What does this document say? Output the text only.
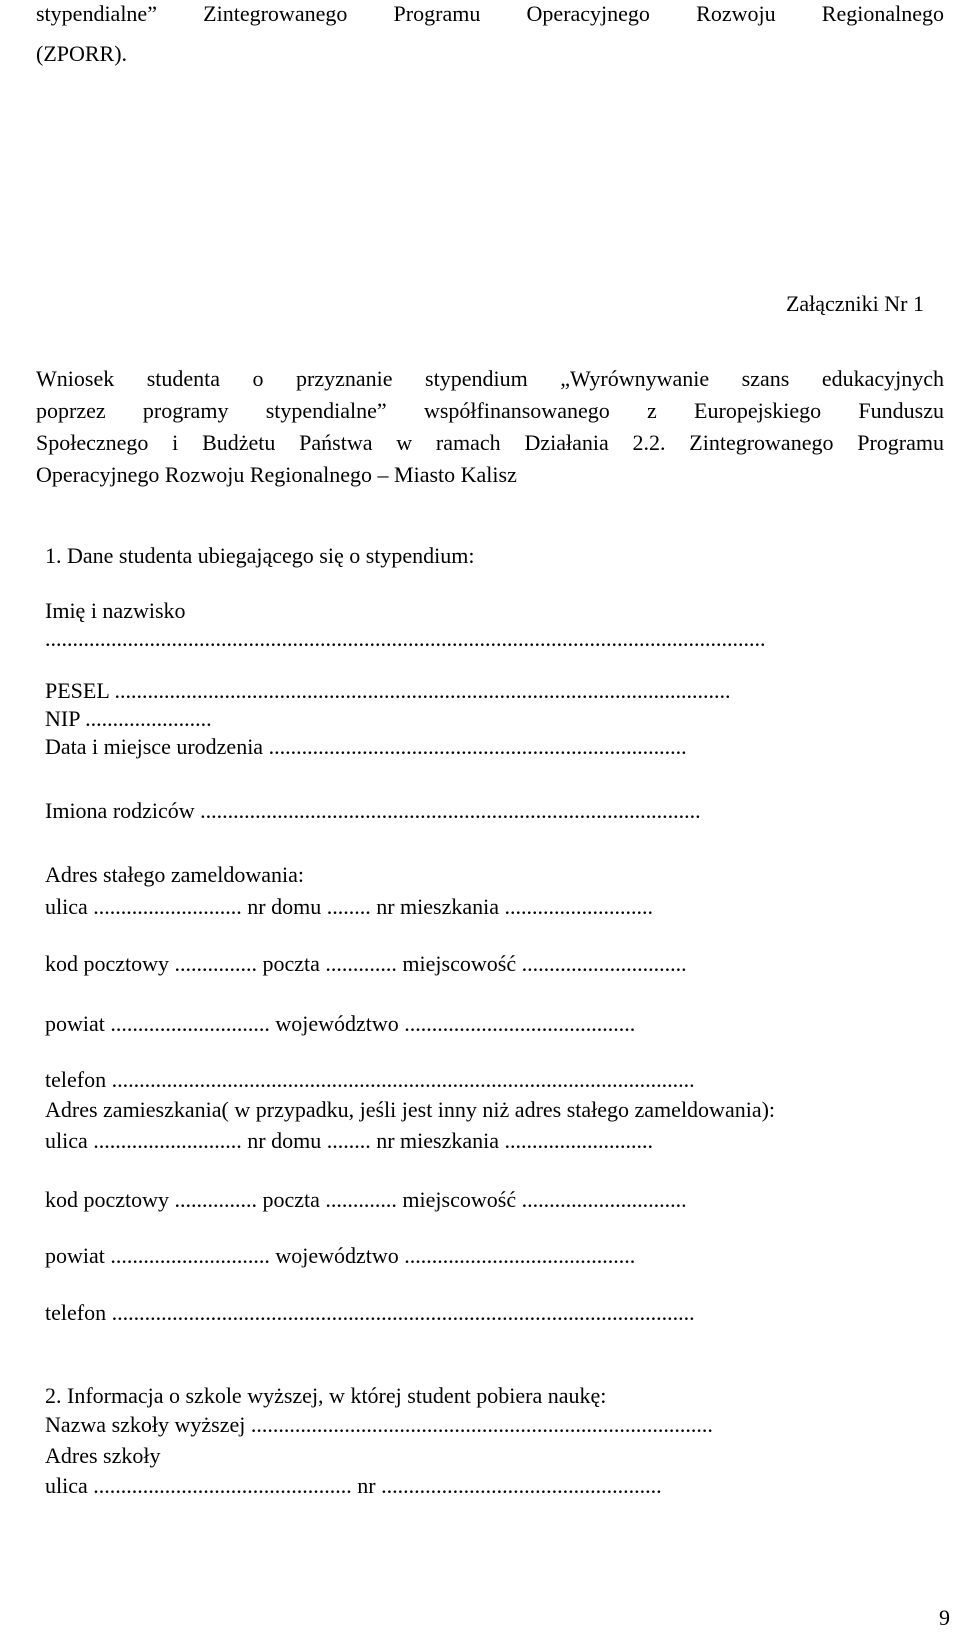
stypendialne” Zintegrowanego Programu Operacyjnego Rozwoju Regionalnego
(ZPORR).
Załączniki Nr 1
Wniosek studenta o przyznanie stypendium „Wyrównywanie szans edukacyjnych
poprzez programy stypendialne” współfinansowanego z Europejskiego Funduszu
Społecznego i Budżetu Państwa w ramach Działania 2.2. Zintegrowanego Programu
Operacyjnego Rozwoju Regionalnego – Miasto Kalisz
1. Dane studenta ubiegającego się o stypendium:
Imię i nazwisko
...................................................................................................................................
PESEL ................................................................................................................
NIP .......................
Data i miejsce urodzenia ............................................................................
Imiona rodziców ...........................................................................................
Adres stałego zameldowania:
ulica ........................... nr domu ........ nr mieszkania ...........................
kod pocztowy ............... poczta ............. miejscowość ..............................
powiat ............................. województwo ..........................................
telefon ..........................................................................................................
Adres zamieszkania( w przypadku, jeśli jest inny niż adres stałego zameldowania):
ulica ........................... nr domu ........ nr mieszkania ...........................
kod pocztowy ............... poczta ............. miejscowość ..............................
powiat ............................. województwo ..........................................
telefon ..........................................................................................................
2. Informacja o szkole wyższej, w której student pobiera naukę:
Nazwa szkoły wyższej ....................................................................................
Adres szkoły
ulica ............................................... nr ...................................................
9
